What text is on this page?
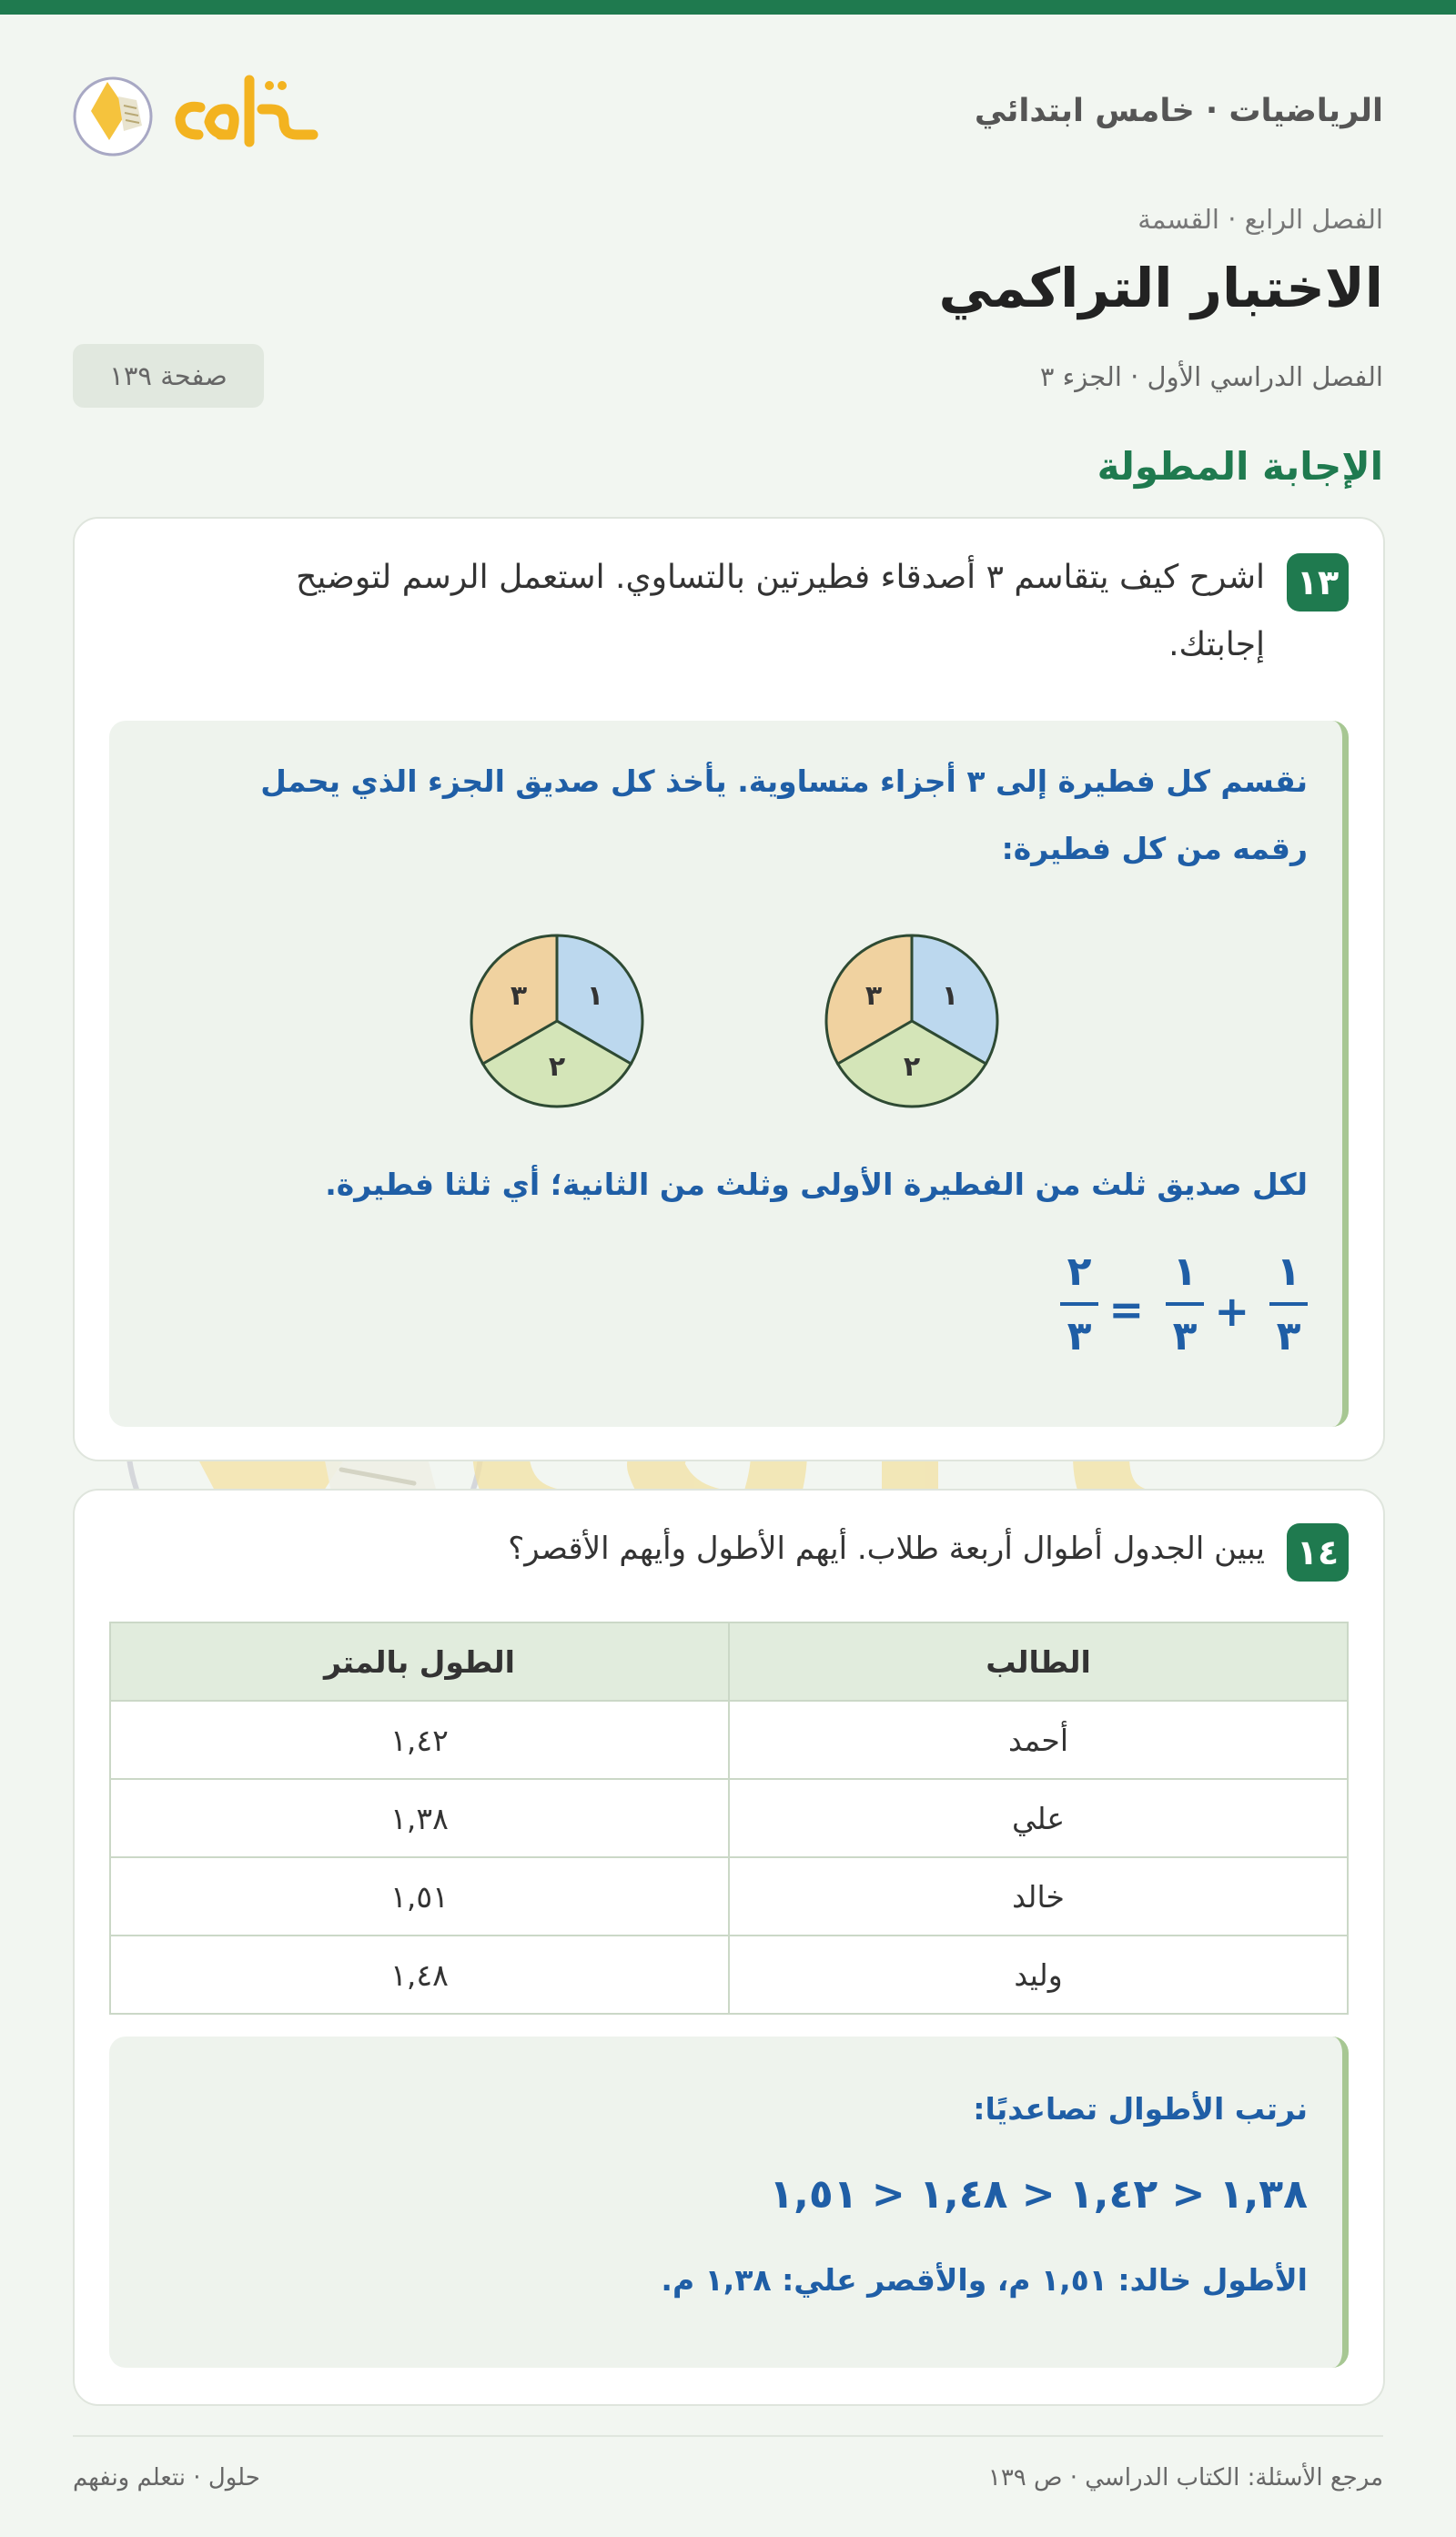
الرياضيات · خامس ابتدائي
الفصل الرابع · القسمة
الاختبار التراكمي
الفصل الدراسي الأول · الجزء ٣
صفحة ١٣٩
الإجابة المطولة
١٣
اشرح كيف يتقاسم ٣ أصدقاء فطيرتين بالتساوي. استعمل الرسم لتوضيح إجابتك.
نقسم كل فطيرة إلى ٣ أجزاء متساوية. يأخذ كل صديق الجزء الذي يحمل رقمه من كل فطيرة:
١
٢
٣
١
٢
٣
لكل صديق ثلث من الفطيرة الأولى وثلث من الثانية؛ أي ثلثا فطيرة.
١
٣
+
١
٣
=
٢
٣
١٤
يبين الجدول أطوال أربعة طلاب. أيهم الأطول وأيهم الأقصر؟
الطالب	الطول بالمتر
أحمد	١,٤٢
علي	١,٣٨
خالد	١,٥١
وليد	١,٤٨
نرتب الأطوال تصاعديًا:
١,٣٨ < ١,٤٢ < ١,٤٨ < ١,٥١
الأطول خالد: ١,٥١ م، والأقصر علي: ١,٣٨ م.
مرجع الأسئلة: الكتاب الدراسي · ص ١٣٩
حلول · نتعلم ونفهم
